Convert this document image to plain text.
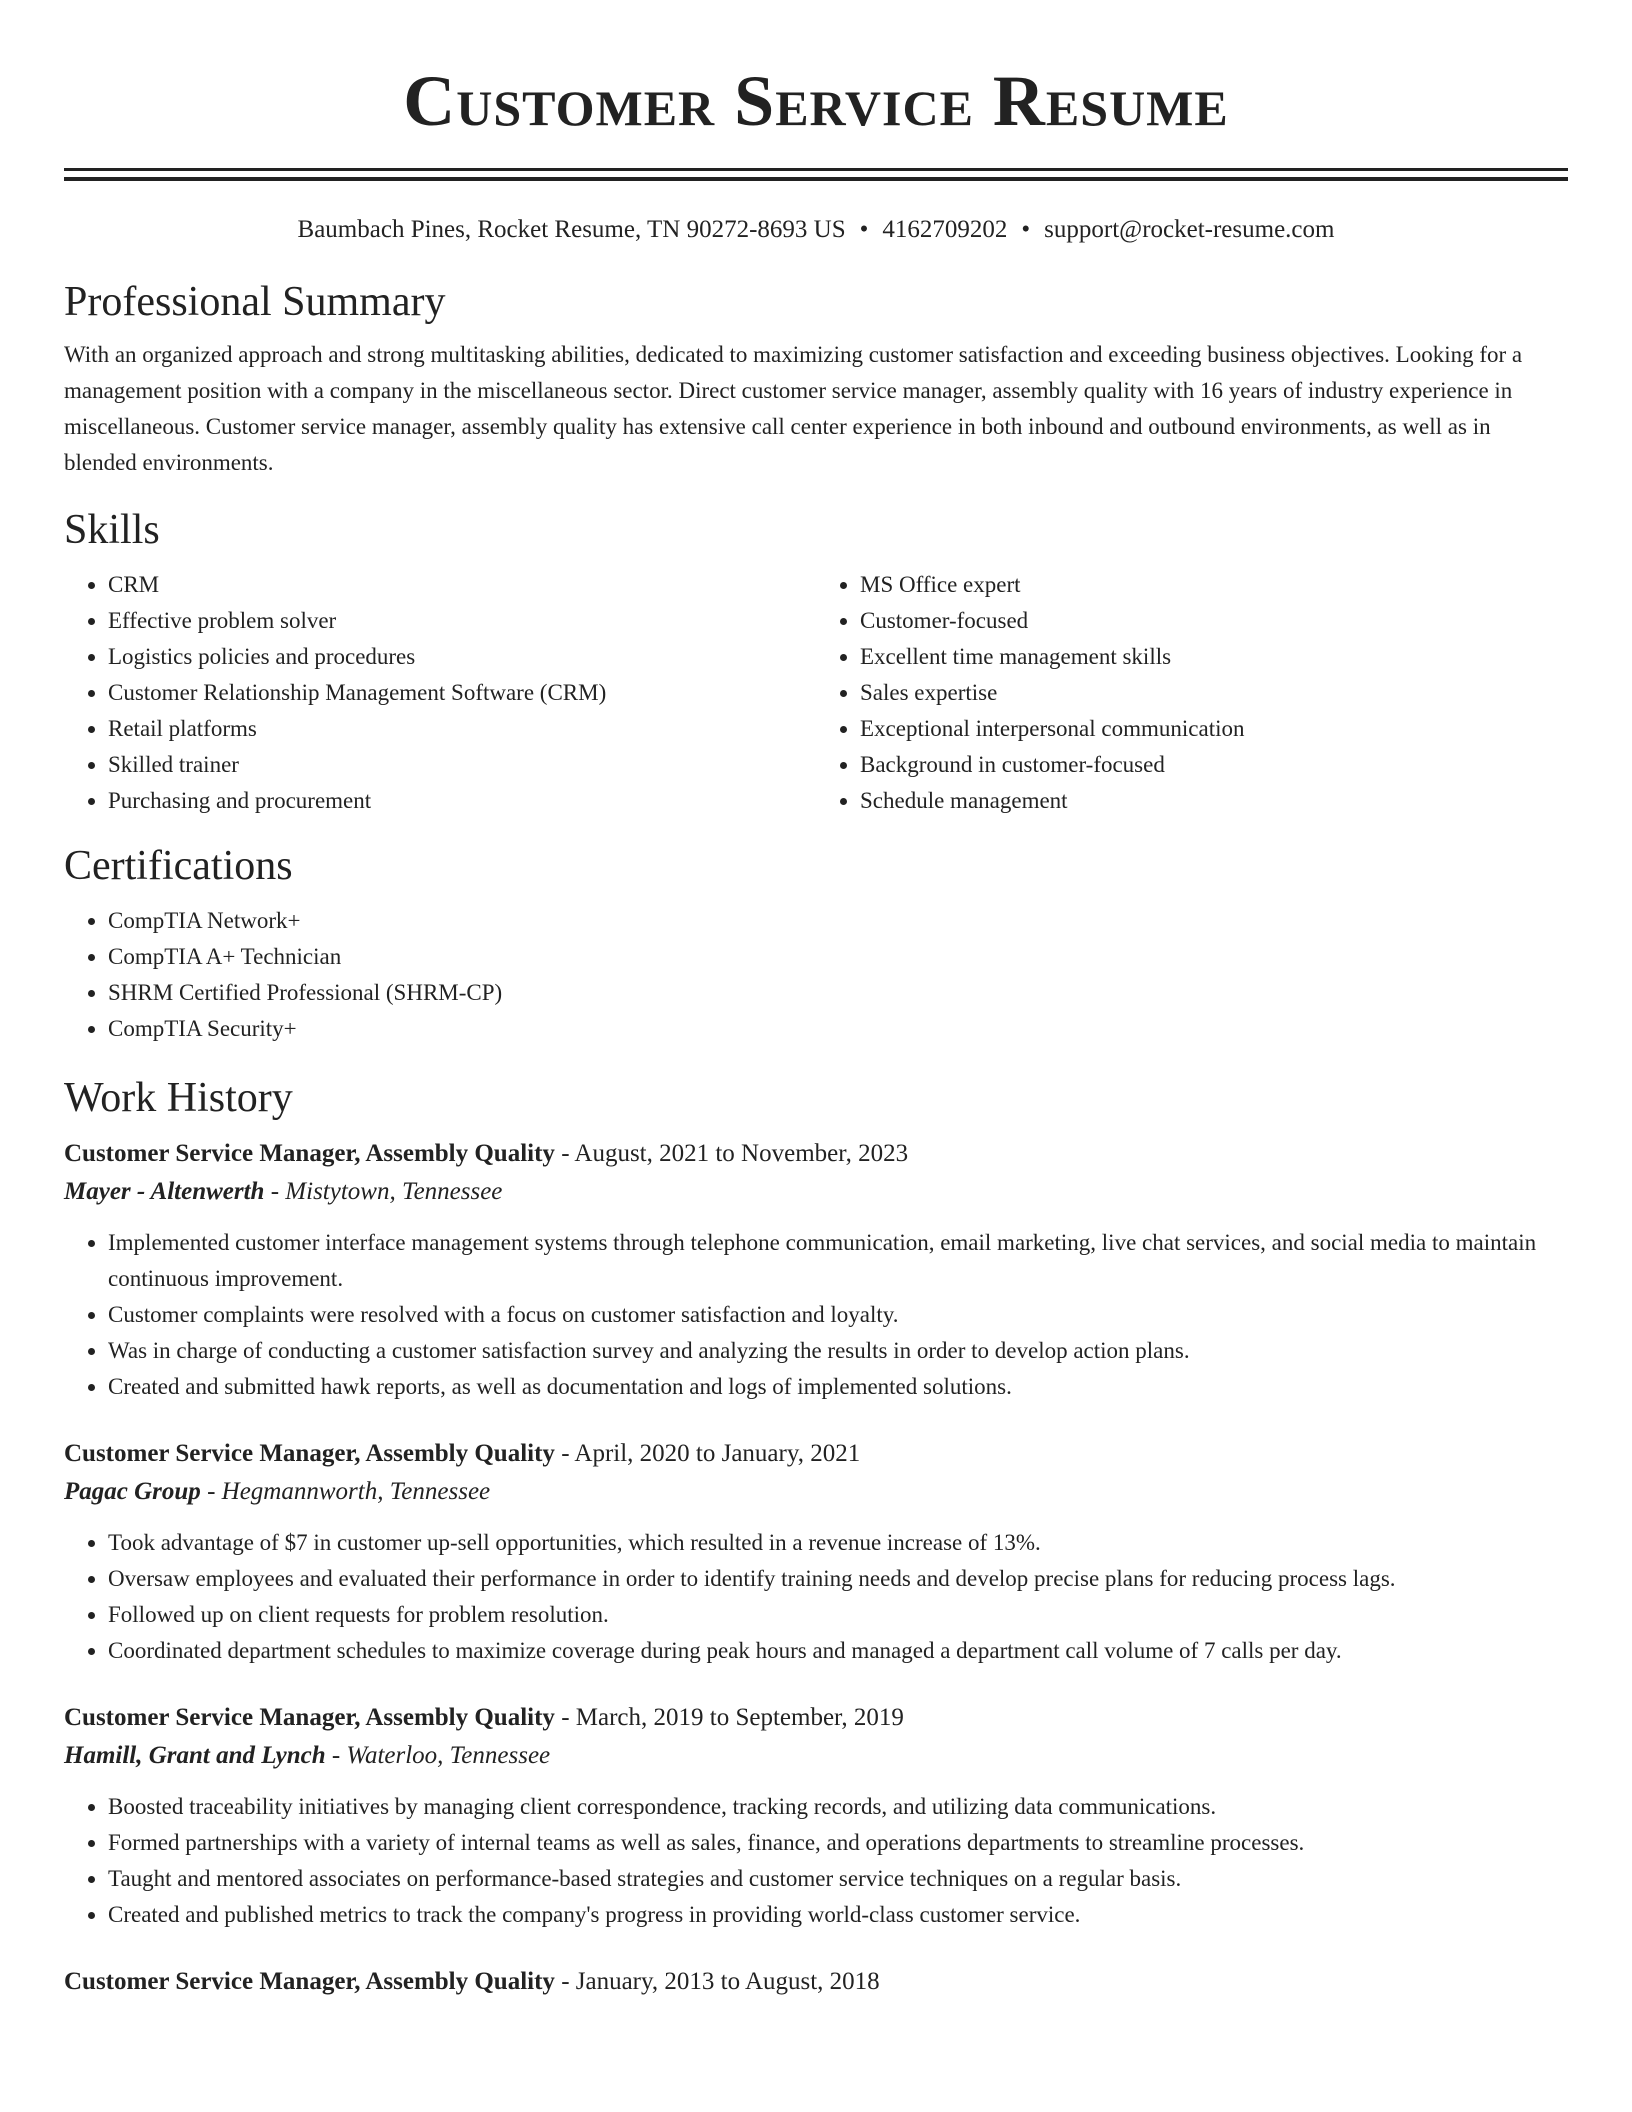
Customer Service Resume
Baumbach Pines, Rocket Resume, TN 90272-8693 US • 4162709202 • support@rocket-resume.com
Professional Summary

With an organized approach and strong multitasking abilities, dedicated to maximizing customer satisfaction and exceeding business objectives. Looking for a management position with a company in the miscellaneous sector. Direct customer service manager, assembly quality with 16 years of industry experience in miscellaneous. Customer service manager, assembly quality has extensive call center experience in both inbound and outbound environments, as well as in blended environments.

Skills
• CRM
• Effective problem solver
• Logistics policies and procedures
• Customer Relationship Management Software (CRM)
• Retail platforms
• Skilled trainer
• Purchasing and procurement
• MS Office expert
• Customer-focused
• Excellent time management skills
• Sales expertise
• Exceptional interpersonal communication
• Background in customer-focused
• Schedule management
Certifications
• CompTIA Network+
• CompTIA A+ Technician
• SHRM Certified Professional (SHRM-CP)
• CompTIA Security+
Work History
Customer Service Manager, Assembly Quality - August, 2021 to November, 2023
Mayer - Altenwerth - Mistytown, Tennessee
• Implemented customer interface management systems through telephone communication, email marketing, live chat services, and social media to maintain continuous improvement.
• Customer complaints were resolved with a focus on customer satisfaction and loyalty.
• Was in charge of conducting a customer satisfaction survey and analyzing the results in order to develop action plans.
• Created and submitted hawk reports, as well as documentation and logs of implemented solutions.
Customer Service Manager, Assembly Quality - April, 2020 to January, 2021
Pagac Group - Hegmannworth, Tennessee
• Took advantage of $7 in customer up-sell opportunities, which resulted in a revenue increase of 13%.
• Oversaw employees and evaluated their performance in order to identify training needs and develop precise plans for reducing process lags.
• Followed up on client requests for problem resolution.
• Coordinated department schedules to maximize coverage during peak hours and managed a department call volume of 7 calls per day.
Customer Service Manager, Assembly Quality - March, 2019 to September, 2019
Hamill, Grant and Lynch - Waterloo, Tennessee
• Boosted traceability initiatives by managing client correspondence, tracking records, and utilizing data communications.
• Formed partnerships with a variety of internal teams as well as sales, finance, and operations departments to streamline processes.
• Taught and mentored associates on performance-based strategies and customer service techniques on a regular basis.
• Created and published metrics to track the company's progress in providing world-class customer service.
Customer Service Manager, Assembly Quality - January, 2013 to August, 2018
